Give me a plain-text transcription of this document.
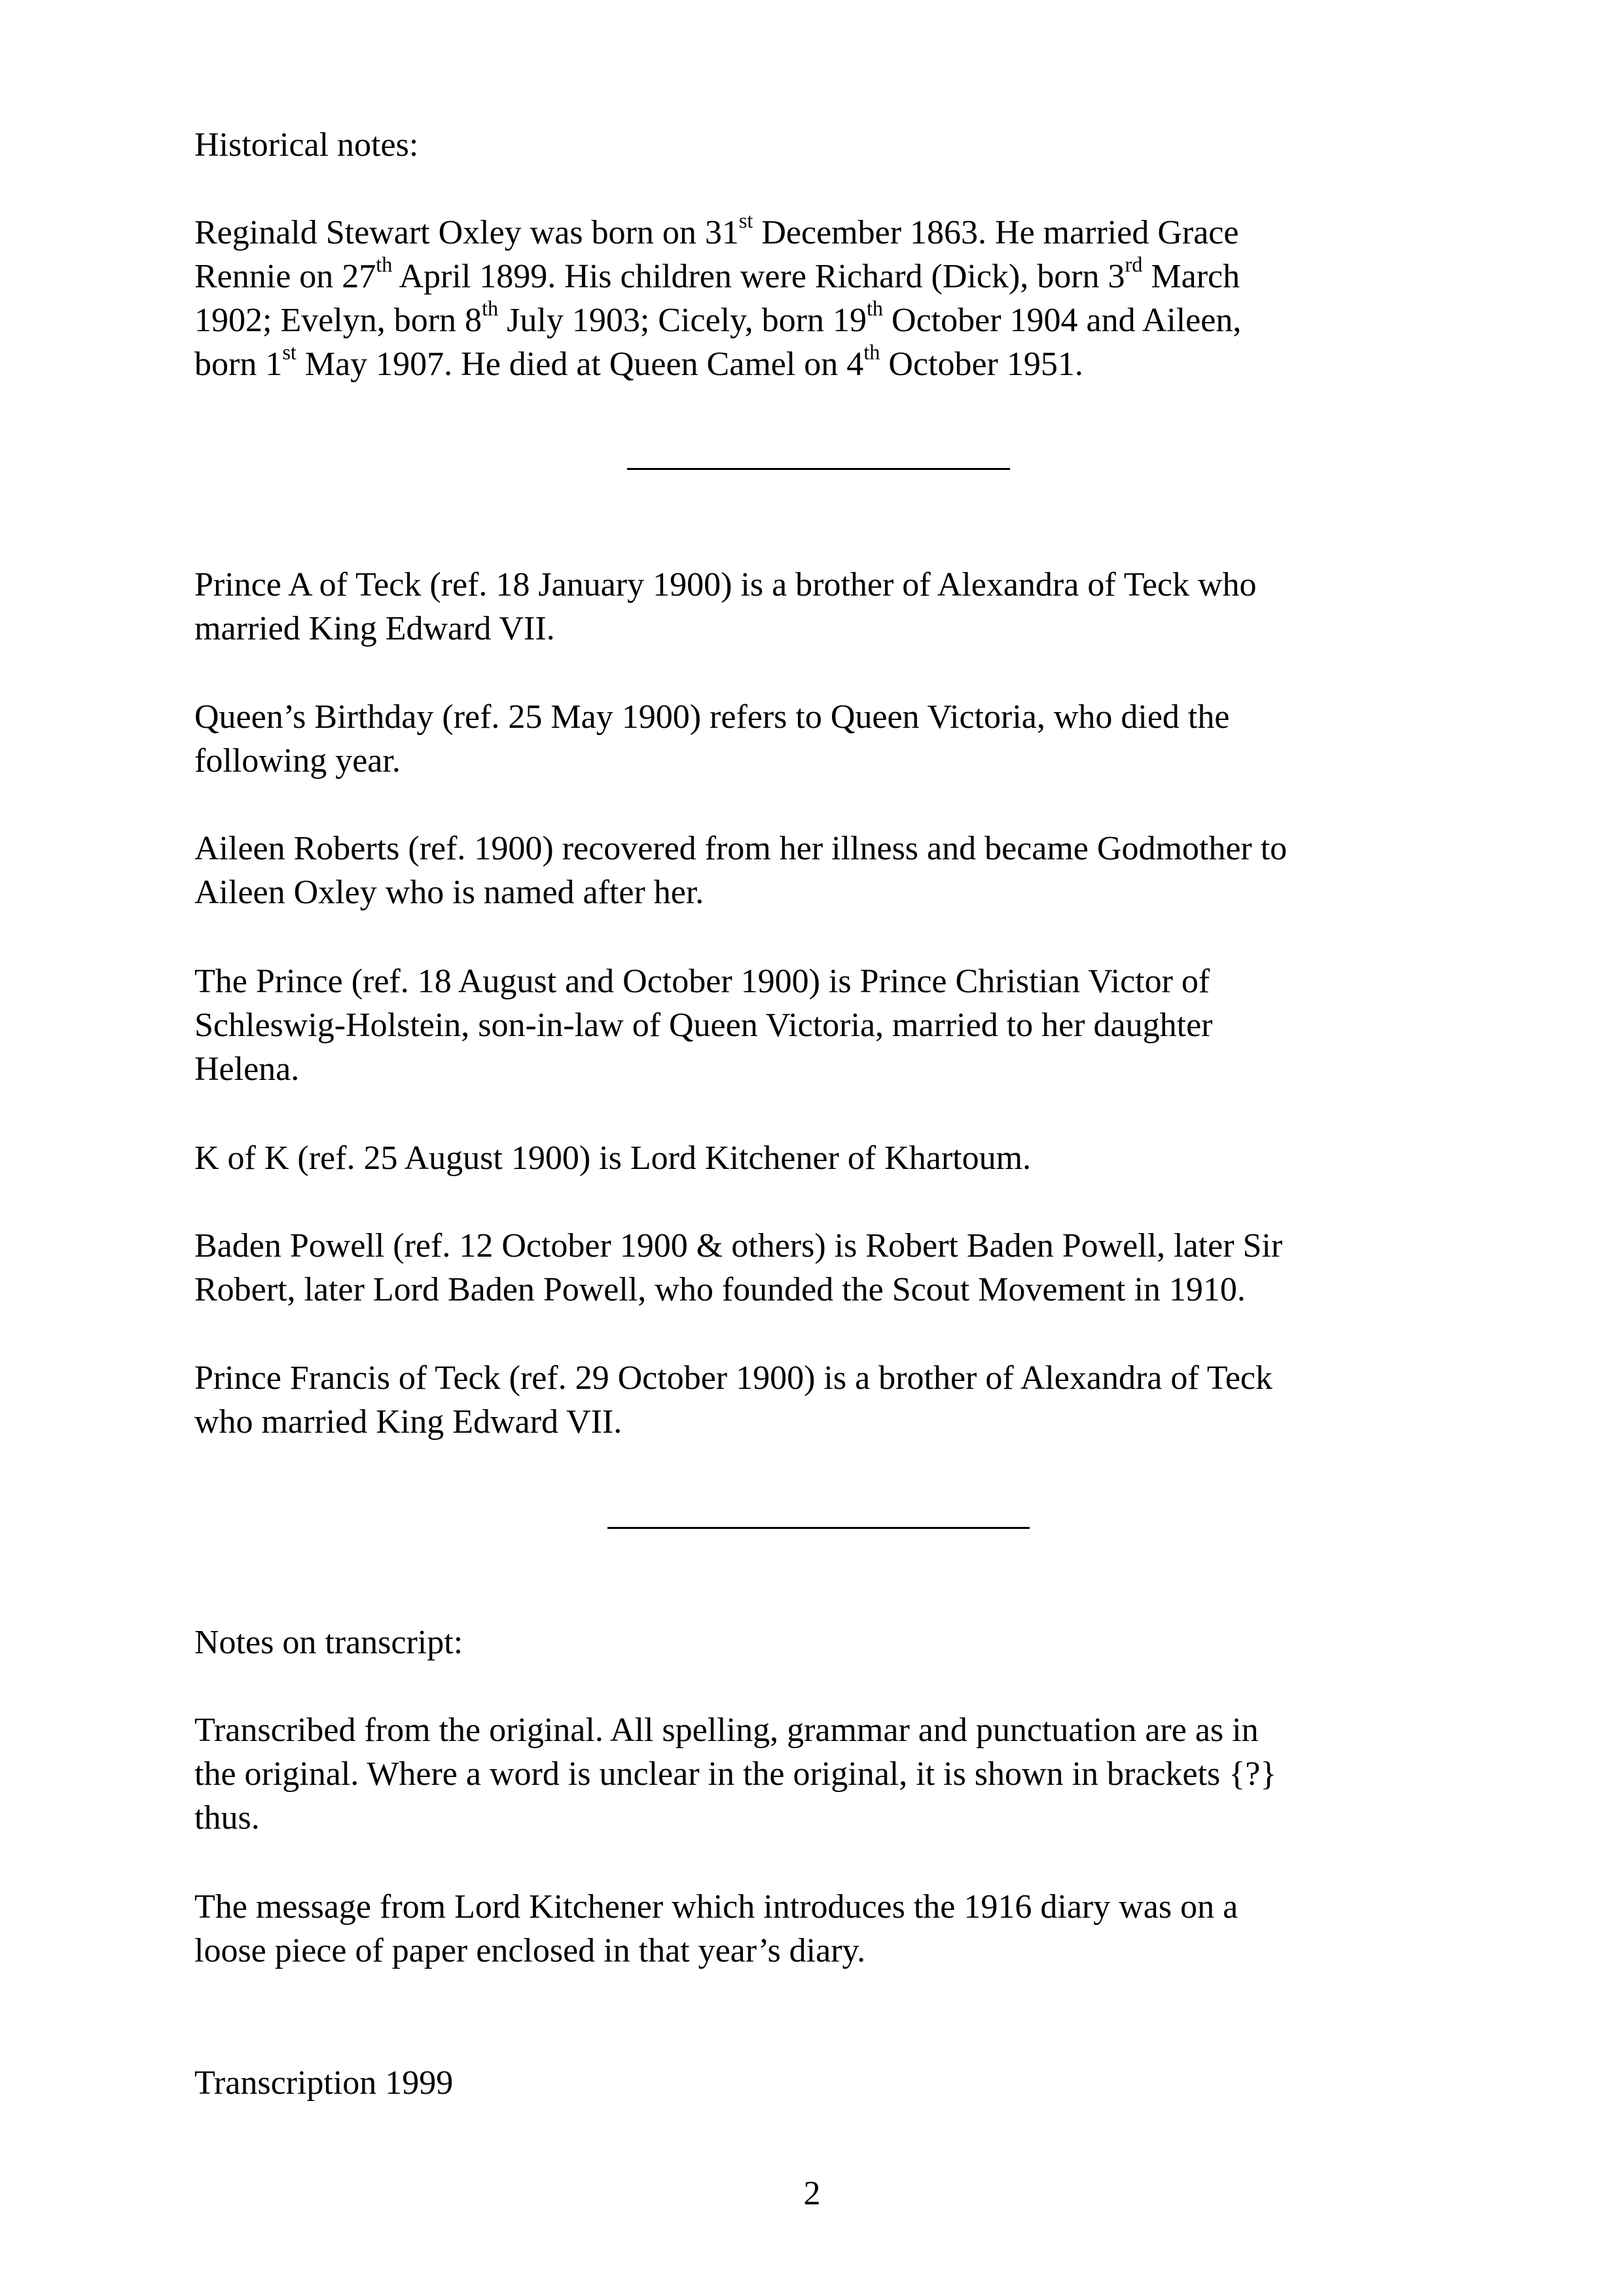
Historical notes:

Reginald Stewart Oxley was born on 31st December 1863. He married Grace
Rennie on 27th April 1899. His children were Richard (Dick), born 3rd March
1902; Evelyn, born 8th July 1903; Cicely, born 19th October 1904 and Aileen,
born 1st May 1907. He died at Queen Camel on 4th October 1951.

Prince A of Teck (ref. 18 January 1900) is a brother of Alexandra of Teck who
married King Edward VII.

Queen’s Birthday (ref. 25 May 1900) refers to Queen Victoria, who died the
following year.

Aileen Roberts (ref. 1900) recovered from her illness and became Godmother to
Aileen Oxley who is named after her.

The Prince (ref. 18 August and October 1900) is Prince Christian Victor of
Schleswig-Holstein, son-in-law of Queen Victoria, married to her daughter
Helena.

K of K (ref. 25 August 1900) is Lord Kitchener of Khartoum.

Baden Powell (ref. 12 October 1900 & others) is Robert Baden Powell, later Sir
Robert, later Lord Baden Powell, who founded the Scout Movement in 1910.

Prince Francis of Teck (ref. 29 October 1900) is a brother of Alexandra of Teck
who married King Edward VII.

Notes on transcript:

Transcribed from the original. All spelling, grammar and punctuation are as in
the original. Where a word is unclear in the original, it is shown in brackets {?}
thus.

The message from Lord Kitchener which introduces the 1916 diary was on a
loose piece of paper enclosed in that year’s diary.

Transcription 1999

2
